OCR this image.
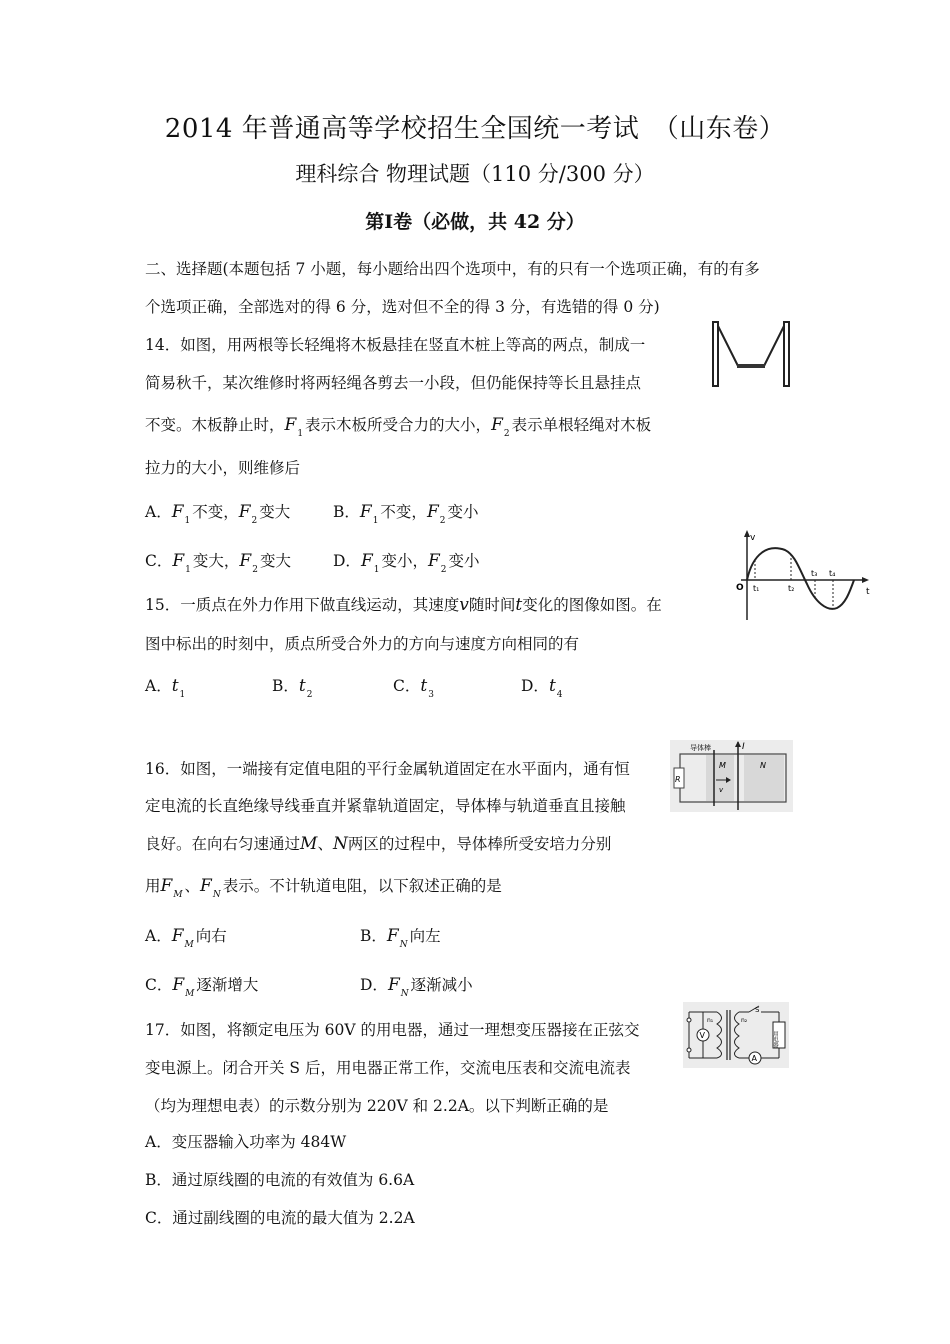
2014 年普通高等学校招生全国统一考试　（山东卷）
理科综合 物理试题（110 分/300 分）
第Ⅰ卷（必做，共 42 分）
二、选择题(本题包括 7 小题，每小题给出四个选项中，有的只有一个选项正确，有的有多
个选项正确，全部选对的得 6 分，选对但不全的得 3 分，有选错的得 0 分)
14．如图，用两根等长轻绳将木板悬挂在竖直木桩上等高的两点，制成一
简易秋千，某次维修时将两轻绳各剪去一小段，但仍能保持等长且悬挂点
不变。木板静止时，$F_1$ 表示木板所受合力的大小，$F_2$ 表示单根轻绳对木板
拉力的大小，则维修后
A．$F_1$ 不变，$F_2$ 变大	B．$F_1$ 不变，$F_2$ 变小
C．$F_1$ 变大，$F_2$ 变大	D．$F_1$ 变小，$F_2$ 变小
15．一质点在外力作用下做直线运动，其速度v随时间t变化的图像如图。在
图中标出的时刻中，质点所受合外力的方向与速度方向相同的有
A．$t_1$	B．$t_2$	C．$t_3$	D．$t_4$
v
t
O t₁	t₂
t₃ t₄
16．如图，一端接有定值电阻的平行金属轨道固定在水平面内，通有恒
定电流的长直绝缘导线垂直并紧靠轨道固定，导体棒与轨道垂直且接触
良好。在向右匀速通过M、N两区的过程中，导体棒所受安培力分别
用$F_M$ 、$F_N$ 表示。不计轨道电阻，以下叙述正确的是
A．$F_M$ 向右	B．$F_N$ 向左
C．$F_M$ 逐渐增大	D．$F_N$ 逐渐减小
R
导体棒	I
M	N
v
17．如图，将额定电压为 60V 的用电器，通过一理想变压器接在正弦交
变电源上。闭合开关 S 后，用电器正常工作，交流电压表和交流电流表
（均为理想电表）的示数分别为 220V 和 2.2A。以下判断正确的是
A．变压器输入功率为 484W
B．通过原线圈的电流的有效值为 6.6A
C．通过副线圈的电流的最大值为 2.2A
V
n₁	n₂
S
A
用电器
